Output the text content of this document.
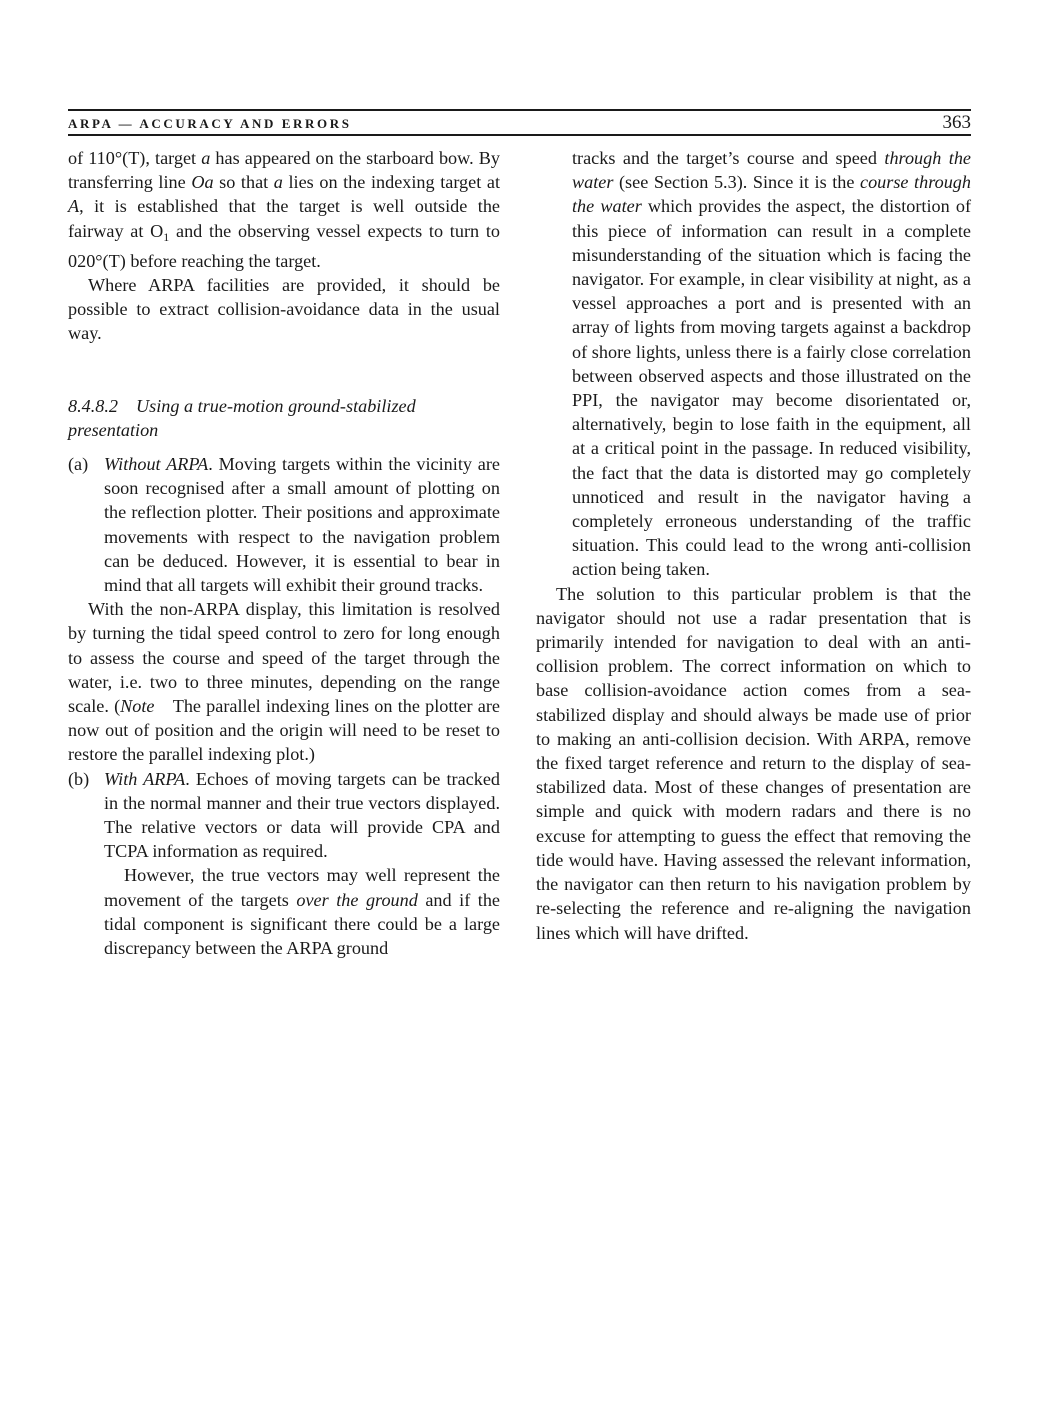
ARPA — ACCURACY AND ERRORS	363

of 110°(T), target a has appeared on the starboard bow. By transferring line Oa so that a lies on the indexing target at A, it is established that the target is well outside the fairway at $O_1$ and the observing vessel expects to turn to 020°(T) before reaching the target.

Where ARPA facilities are provided, it should be possible to extract collision-avoidance data in the usual way.

8.4.8.2 Using a true-motion ground-stabilized presentation

(a) Without ARPA. Moving targets within the vicinity are soon recognised after a small amount of plotting on the reflection plotter. Their positions and approximate movements with respect to the navigation problem can be deduced. However, it is essential to bear in mind that all targets will exhibit their ground tracks.

With the non-ARPA display, this limitation is resolved by turning the tidal speed control to zero for long enough to assess the course and speed of the target through the water, i.e. two to three minutes, depending on the range scale. (Note The parallel indexing lines on the plotter are now out of position and the origin will need to be reset to restore the parallel indexing plot.)

(b) With ARPA. Echoes of moving targets can be tracked in the normal manner and their true vectors displayed. The relative vectors or data will provide CPA and TCPA information as required.

However, the true vectors may well represent the movement of the targets over the ground and if the tidal component is significant there could be a large discrepancy between the ARPA ground

tracks and the target’s course and speed through the water (see Section 5.3). Since it is the course through the water which provides the aspect, the distortion of this piece of information can result in a complete misunderstanding of the situation which is facing the navigator. For example, in clear visibility at night, as a vessel approaches a port and is presented with an array of lights from moving targets against a backdrop of shore lights, unless there is a fairly close correlation between observed aspects and those illustrated on the PPI, the navigator may become disorientated or, alternatively, begin to lose faith in the equipment, all at a critical point in the passage. In reduced visibility, the fact that the data is distorted may go completely unnoticed and result in the navigator having a completely erroneous understanding of the traffic situation. This could lead to the wrong anti-collision action being taken.

The solution to this particular problem is that the navigator should not use a radar presentation that is primarily intended for navigation to deal with an anti-collision problem. The correct information on which to base collision-avoidance action comes from a sea-stabilized display and should always be made use of prior to making an anti-collision decision. With ARPA, remove the fixed target reference and return to the display of sea-stabilized data. Most of these changes of presentation are simple and quick with modern radars and there is no excuse for attempting to guess the effect that removing the tide would have. Having assessed the relevant information, the navigator can then return to his navigation problem by re-selecting the reference and re-aligning the navigation lines which will have drifted.
